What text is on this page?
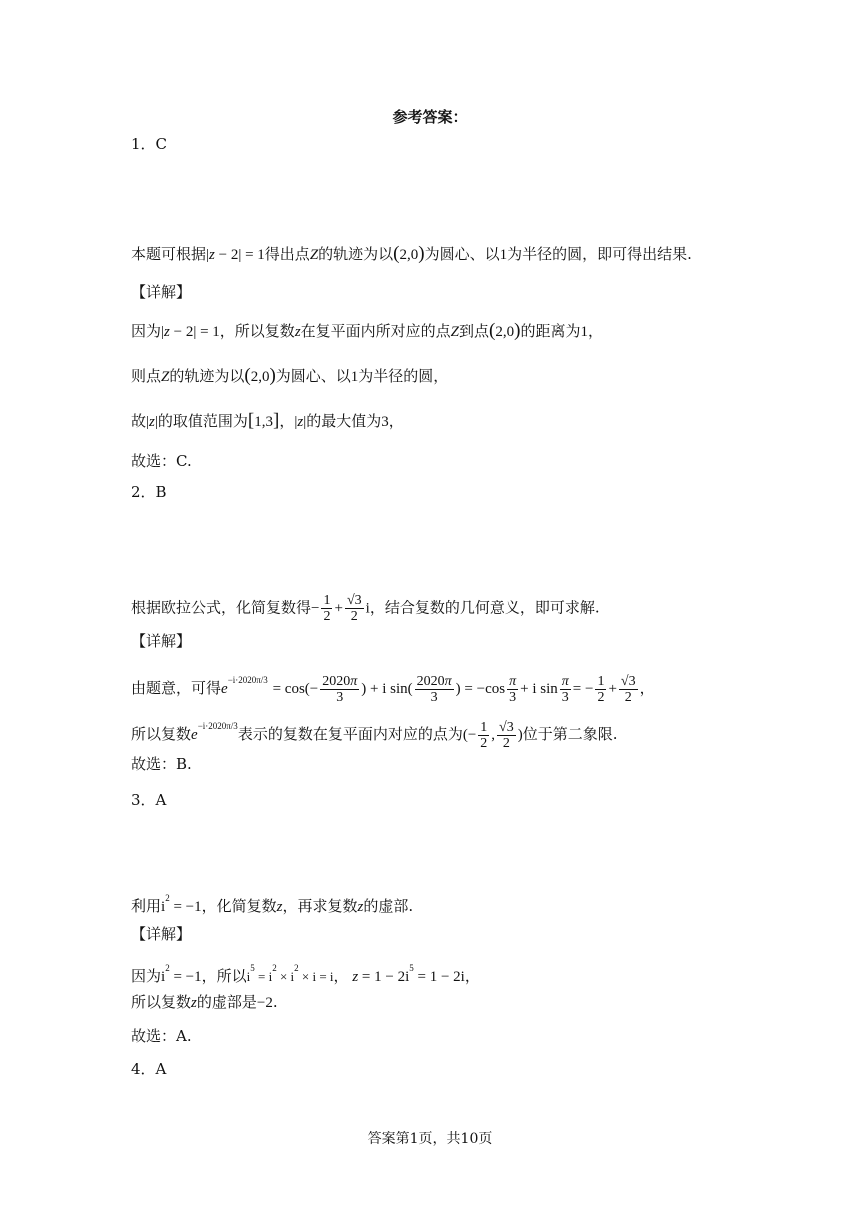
参考答案：
1．C
本题可根据|z − 2| = 1得出点Z的轨迹为以(2,0)为圆心、以1为半径的圆，即可得出结果.
【详解】
因为|z − 2| = 1，所以复数z在复平面内所对应的点Z到点(2,0)的距离为1，
则点Z的轨迹为以(2,0)为圆心、以1为半径的圆，
故|z|的取值范围为[1,3]，|z|的最大值为3，
故选：C.
2．B
根据欧拉公式，化简复数得− $\frac{1}{2} + \frac{√3}{2}$ i，结合复数的几何意义，即可求解.
【详解】
由题意，可得$e^{-i\cdot 2020\pi/3} = \cos(- \frac{2020\pi}{3}$ ) + i $\sin( \frac{2020\pi}{3}$ ) = $-\cos \frac{\pi}{3} + i$ $\sin \frac{\pi}{3}$ = − $\frac{1}{2} + \frac{√3}{2}$ ，
所以复数$e^{-i\cdot 2020\pi/3}$表示的复数在复平面内对应的点为(− $\frac{1}{2}$ , $\frac{√3}{2}$ )位于第二象限.
故选：B.
3．A
利用$i^2 = -1$，化简复数z，再求复数z的虚部.
【详解】
因为$i^2 = -1$，所以$i^5 = i^2 \times i^2 \times i = i$， $z = 1 - 2i^5 = 1 - 2i$，
所以复数z的虚部是−2.
故选：A.
4．A
答案第1页，共10页
